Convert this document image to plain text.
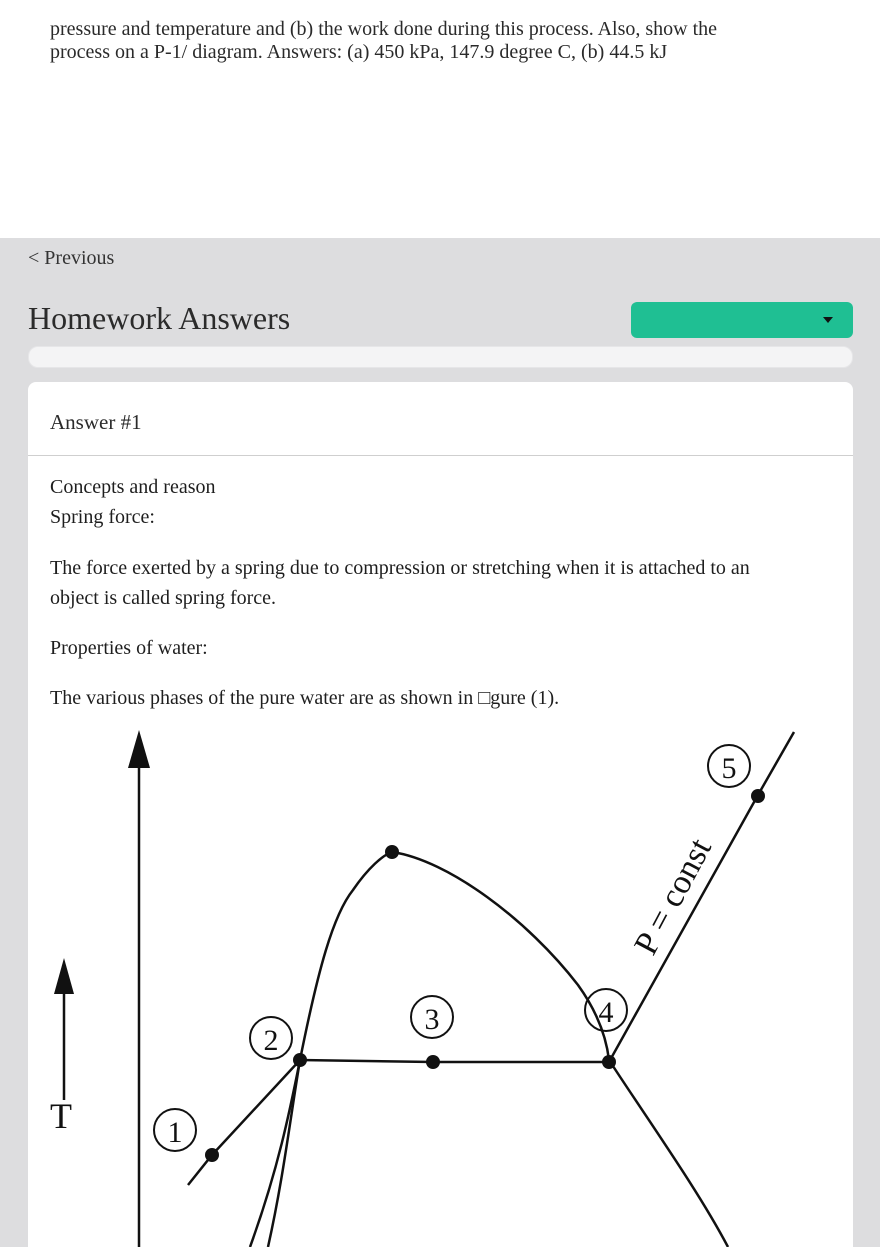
pressure and temperature and (b) the work done during this process. Also, show the
process on a P-1/ diagram. Answers: (a) 450 kPa, 147.9 degree C, (b) 44.5 kJ
< Previous
Homework Answers
Answer #1
Concepts and reason
Spring force:
The force exerted by a spring due to compression or stretching when it is attached to an object is called spring force.
Properties of water:
The various phases of the pure water are as shown in □gure (1).
T	1
2
3	4
5
P = const
